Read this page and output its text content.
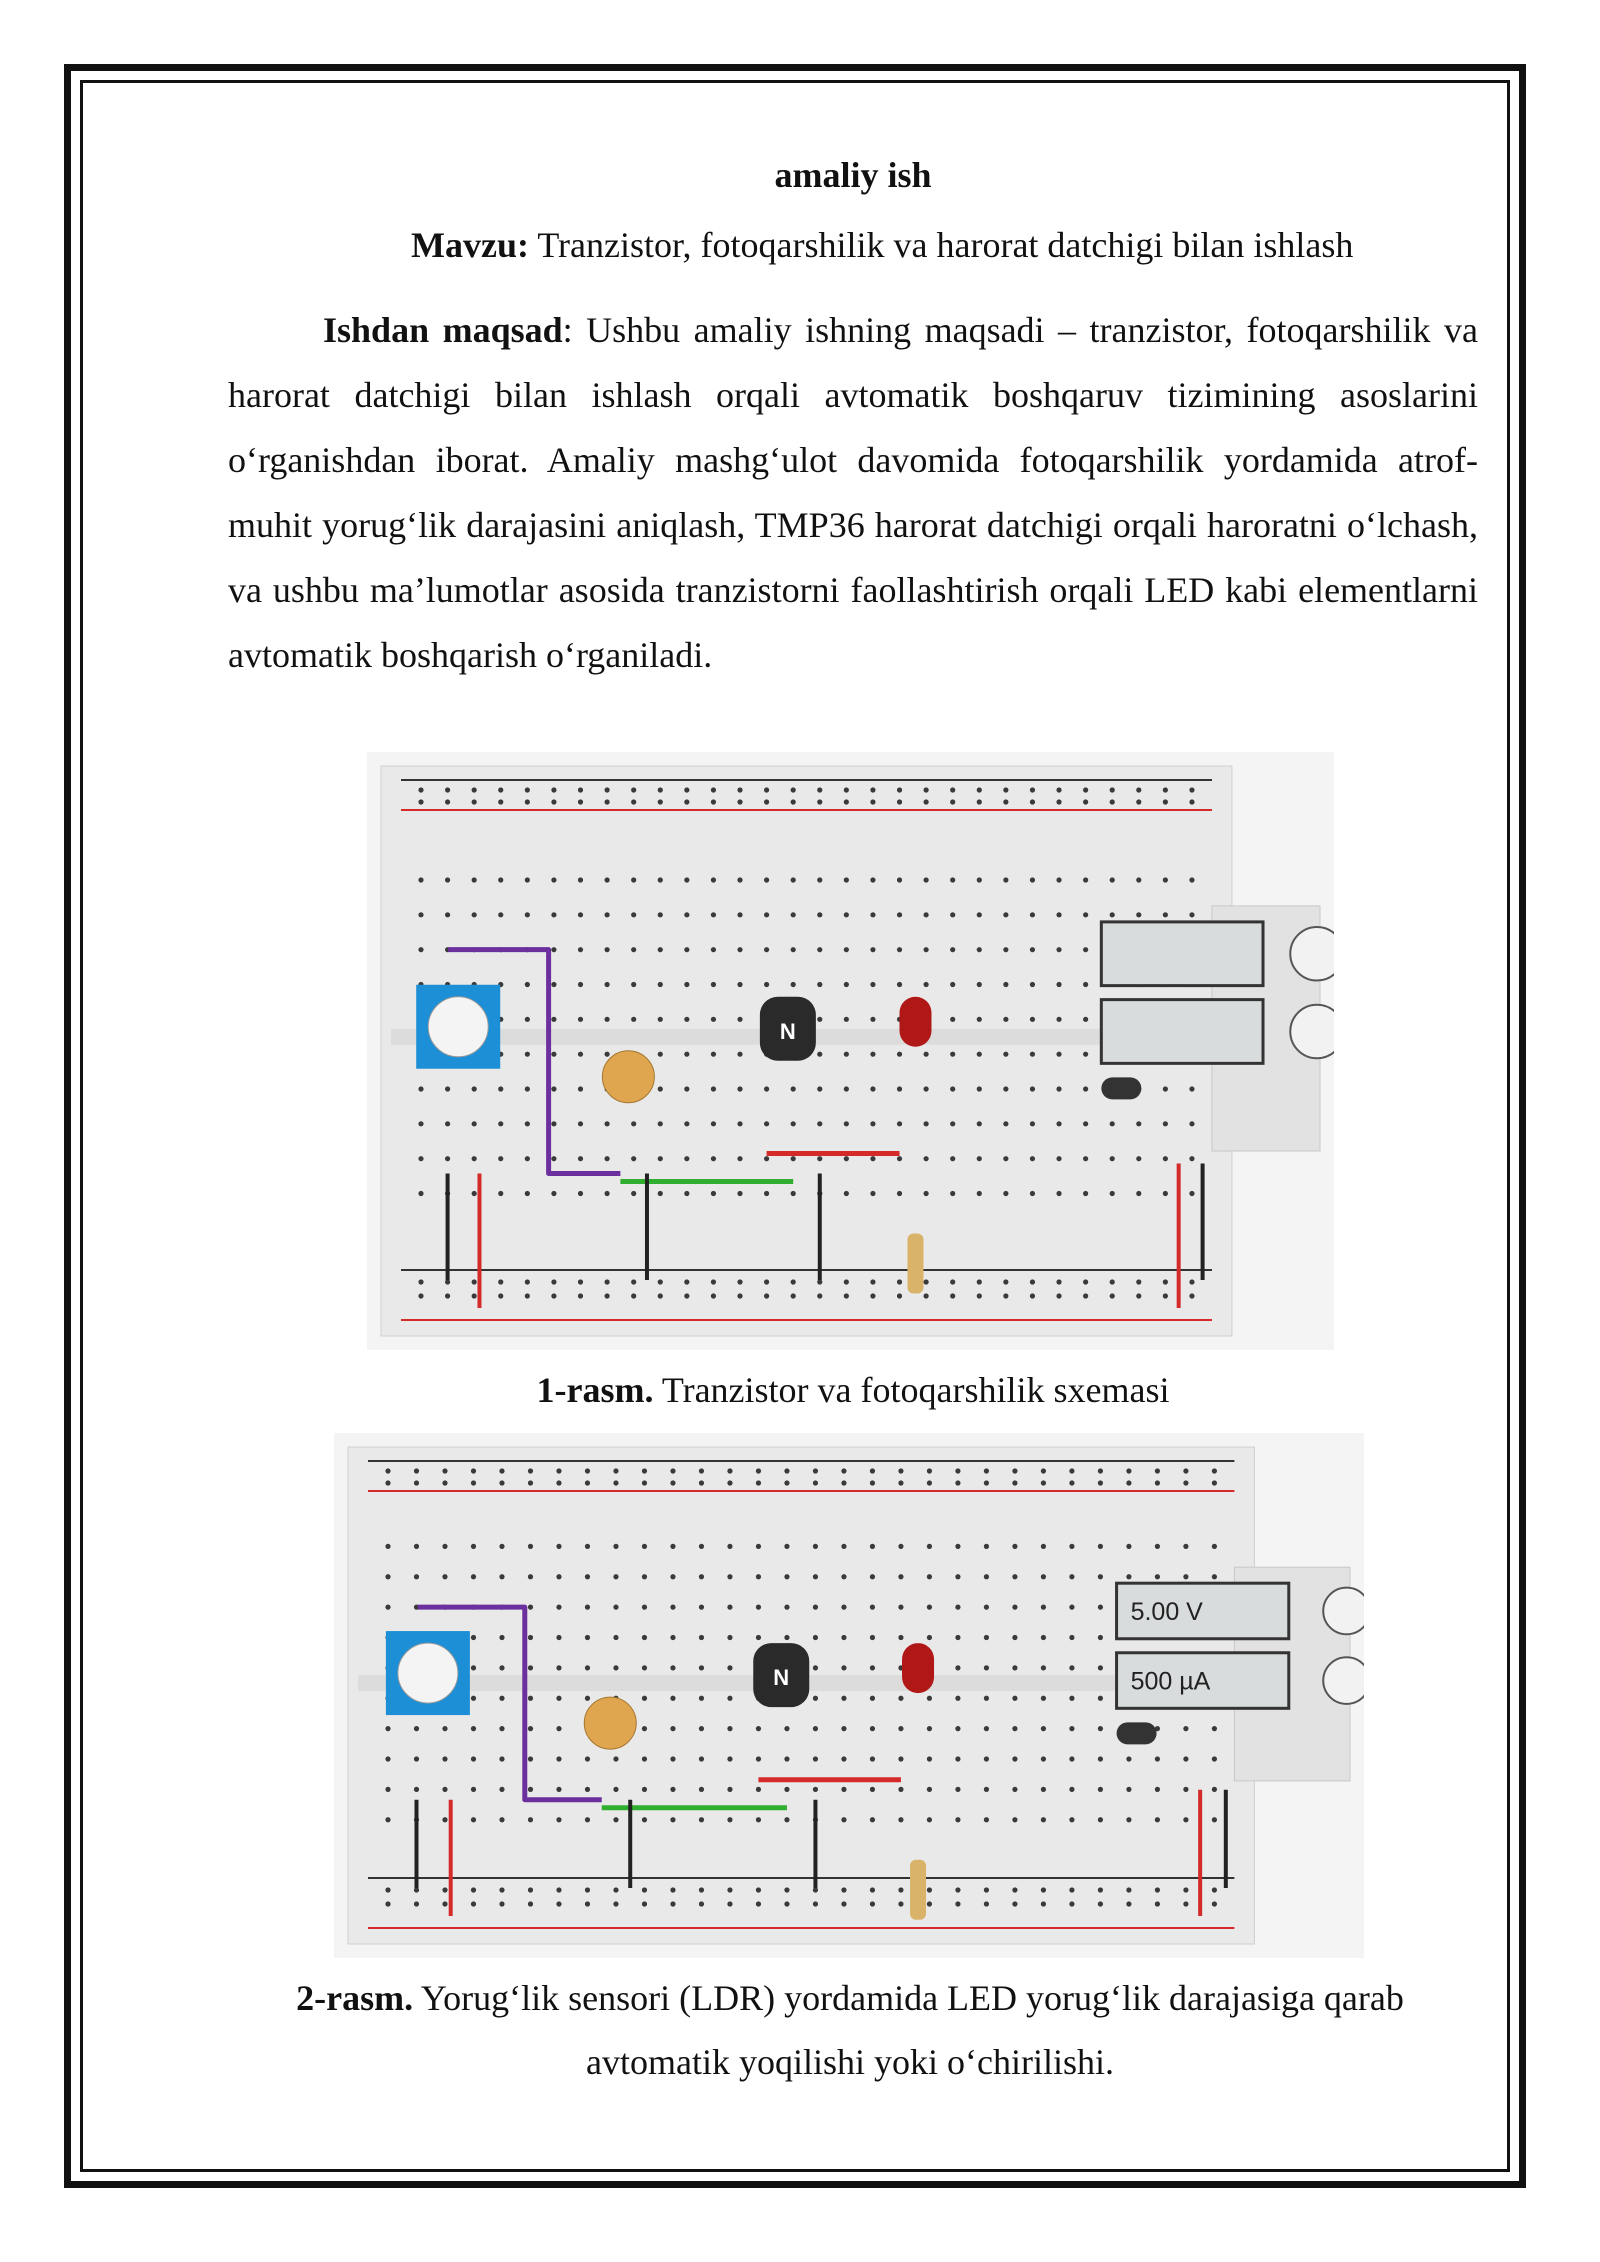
amaliy ish
Mavzu: Tranzistor, fotoqarshilik va harorat datchigi bilan ishlash
Ishdan maqsad: Ushbu amaliy ishning maqsadi – tranzistor, fotoqarshilik va harorat datchigi bilan ishlash orqali avtomatik boshqaruv tizimining asoslarini o‘rganishdan iborat. Amaliy mashg‘ulot davomida fotoqarshilik yordamida atrof-muhit yorug‘lik darajasini aniqlash, TMP36 harorat datchigi orqali haroratni o‘lchash, va ushbu ma’lumotlar asosida tranzistorni faollashtirish orqali LED kabi elementlarni avtomatik boshqarish o‘rganiladi.
N
1-rasm. Tranzistor va fotoqarshilik sxemasi
N
5.00 V
500 µA
2-rasm. Yorug‘lik sensori (LDR) yordamida LED yorug‘lik darajasiga qarab avtomatik yoqilishi yoki o‘chirilishi.
